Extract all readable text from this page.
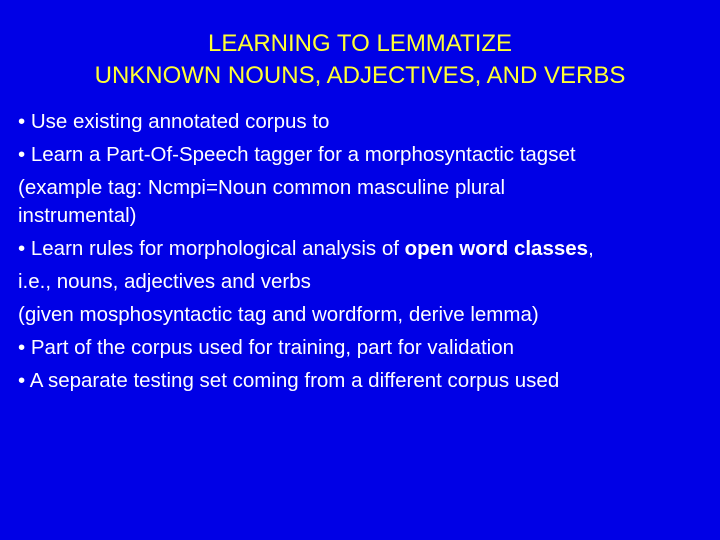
LEARNING TO LEMMATIZE
UNKNOWN NOUNS, ADJECTIVES, AND VERBS
• Use existing annotated corpus to
• Learn a Part-Of-Speech tagger for a morphosyntactic tagset
(example tag: Ncmpi=Noun common masculine plural
instrumental)
• Learn rules for morphological analysis of open word classes,
i.e., nouns, adjectives and verbs
(given mosphosyntactic tag and wordform, derive lemma)
• Part of the corpus used for training, part for validation
• A separate testing set coming from a different corpus used
